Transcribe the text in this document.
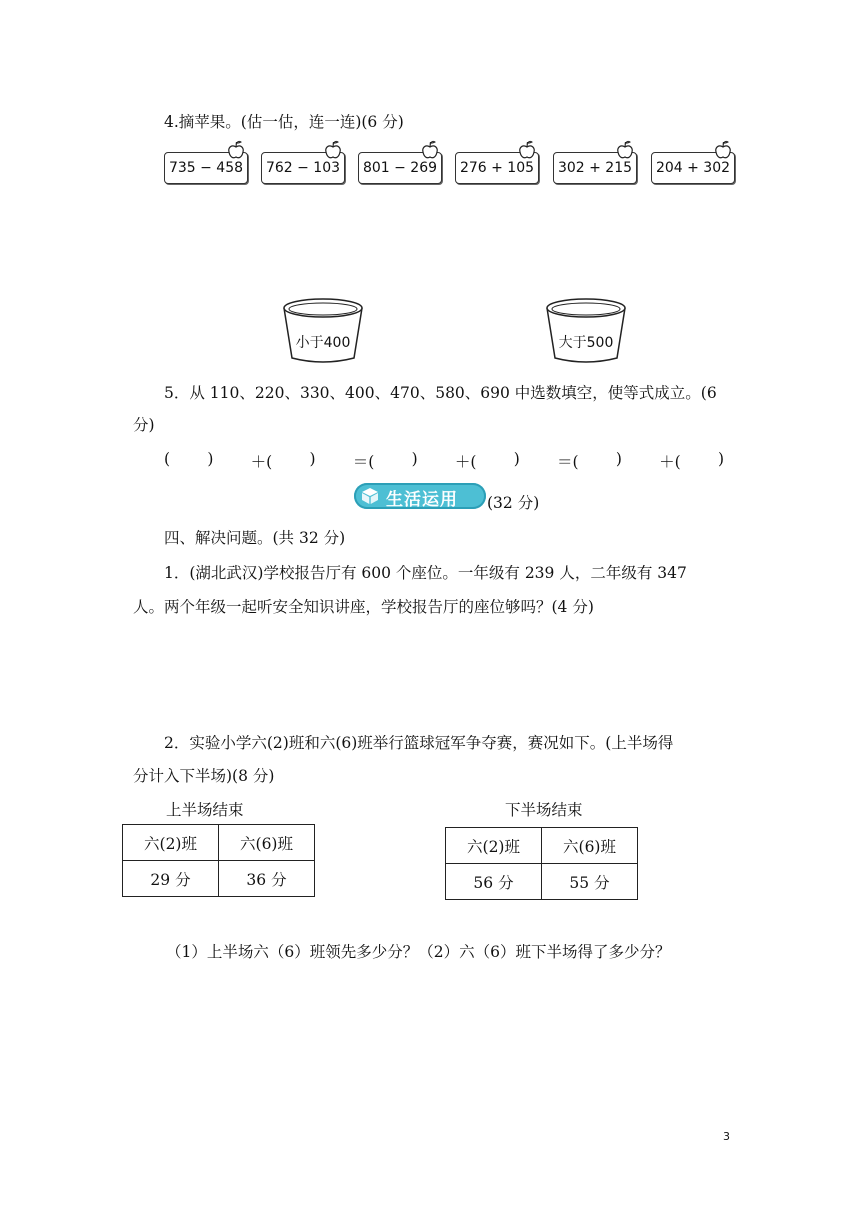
4.摘苹果。(估一估，连一连)(6 分)
735 − 458 762 − 103 801 − 269 276 + 105 302 + 215 204 + 302
小于400	大于500
5．从 110、220、330、400、470、580、690 中选数填空，使等式成立。(6
分)
( ) ＋( ) ＝( ) ＋( ) ＝( ) ＋( )
生活运用 (32 分)
四、解决问题。(共 32 分)
1．(湖北武汉)学校报告厅有 600 个座位。一年级有 239 人，二年级有 347
人。两个年级一起听安全知识讲座，学校报告厅的座位够吗？(4 分)
2．实验小学六(2)班和六(6)班举行篮球冠军争夺赛，赛况如下。(上半场得
分计入下半场)(8 分)
上半场结束
六(2)班	六(6)班
29 分	36 分
下半场结束
六(2)班	六(6)班
56 分	55 分
（1）上半场六（6）班领先多少分？（2）六（6）班下半场得了多少分？
3
